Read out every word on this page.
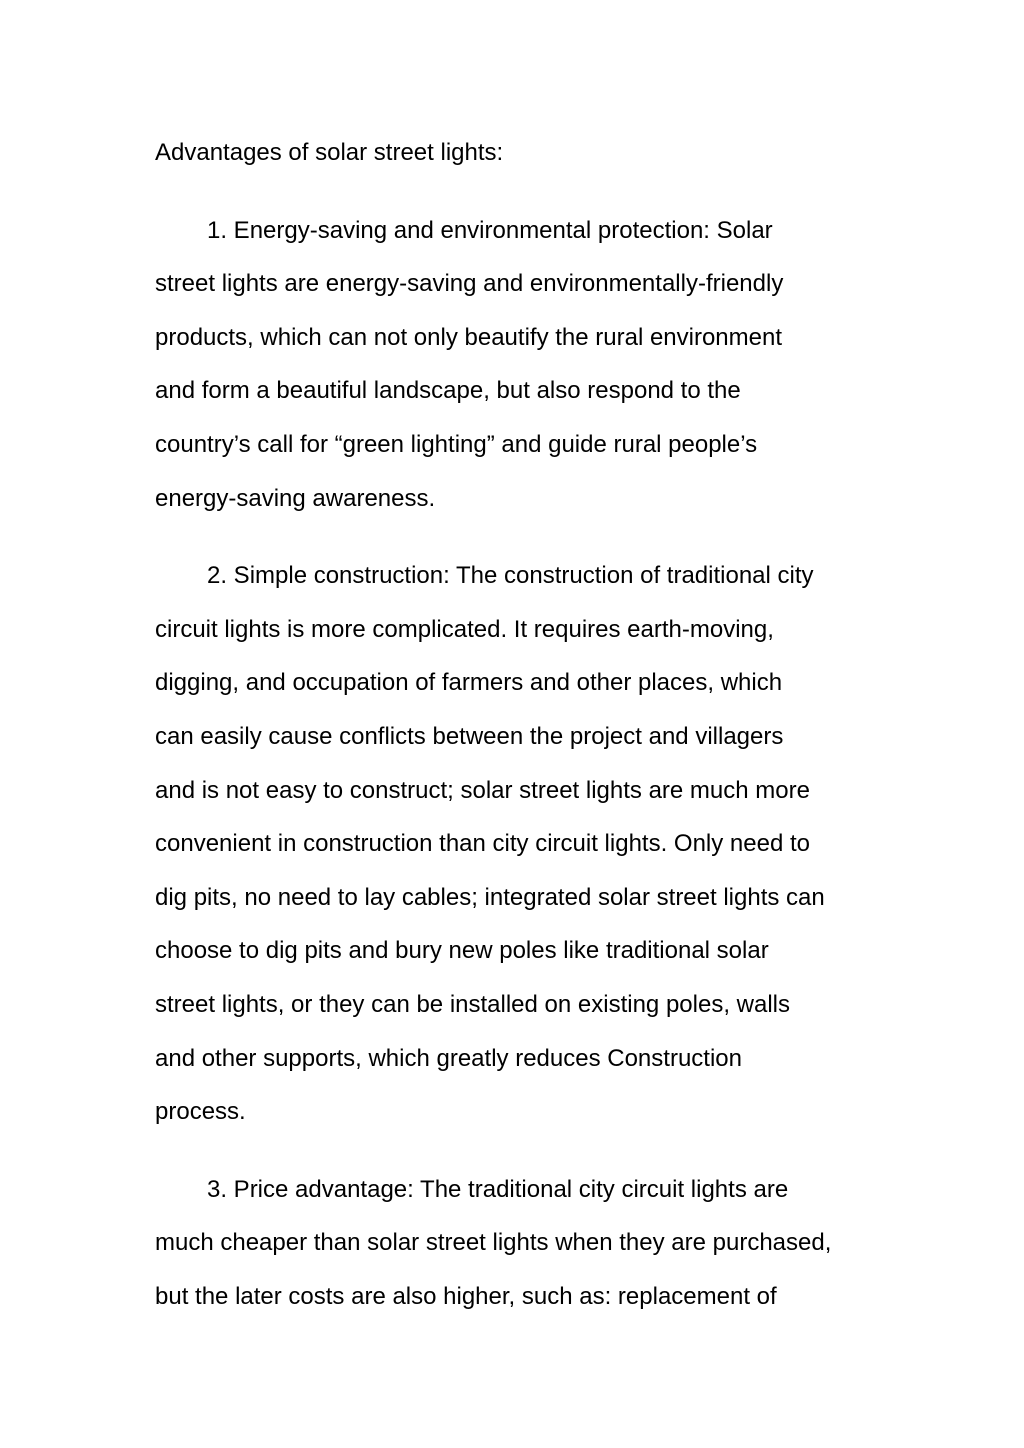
Advantages of solar street lights:
1. Energy-saving and environmental protection: Solar
street lights are energy-saving and environmentally-friendly
products, which can not only beautify the rural environment
and form a beautiful landscape, but also respond to the
country’s call for “green lighting” and guide rural people’s
energy-saving awareness.
2. Simple construction: The construction of traditional city
circuit lights is more complicated. It requires earth-moving,
digging, and occupation of farmers and other places, which
can easily cause conflicts between the project and villagers
and is not easy to construct; solar street lights are much more
convenient in construction than city circuit lights. Only need to
dig pits, no need to lay cables; integrated solar street lights can
choose to dig pits and bury new poles like traditional solar
street lights, or they can be installed on existing poles, walls
and other supports, which greatly reduces Construction
process.
3. Price advantage: The traditional city circuit lights are
much cheaper than solar street lights when they are purchased,
but the later costs are also higher, such as: replacement of
